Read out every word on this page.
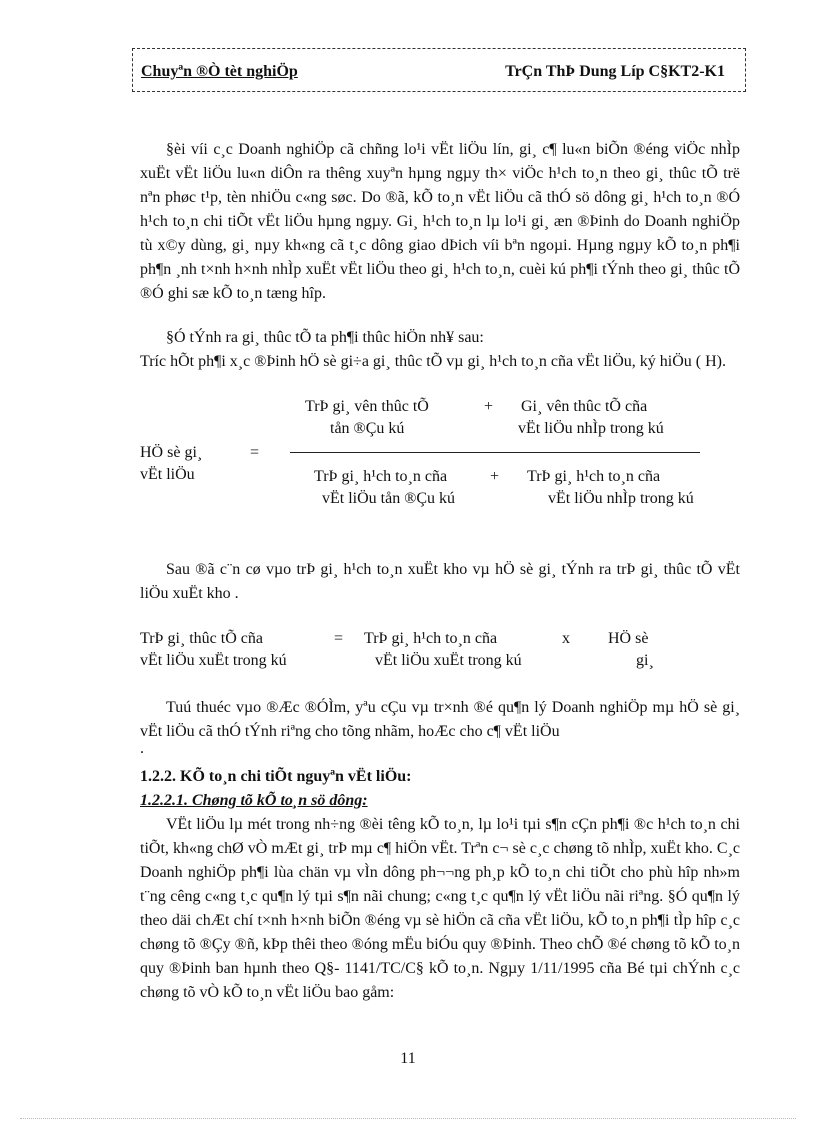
Chuyªn ®Ò tèt nghiÖp	TrÇn ThÞ Dung Líp C§KT2-K1

§èi víi c¸c Doanh nghiÖp cã chñng lo¹i vËt liÖu lín, gi¸ c¶ lu«n biÕn ®éng viÖc nhÌp xuËt vËt liÖu lu«n diÔn ra thêng xuyªn hµng ngµy th× viÖc h¹ch to¸n theo gi¸ thûc tÕ trë nªn phøc t¹p, tèn nhiÖu c«ng søc. Do ®ã, kÕ to¸n vËt liÖu cã thÓ sö dông gi¸ h¹ch to¸n ®Ó h¹ch to¸n chi tiÕt vËt liÖu hµng ngµy. Gi¸ h¹ch to¸n lµ lo¹i gi¸ æn ®Þinh do Doanh nghiÖp tù x©y dùng, gi¸ nµy kh«ng cã t¸c dông giao dÞich víi bªn ngoµi. Hµng ngµy kÕ to¸n ph¶i ph¶n ¸nh t×nh h×nh nhÌp xuËt vËt liÖu theo gi¸ h¹ch to¸n, cuèi kú ph¶i tÝnh theo gi¸ thûc tÕ ®Ó ghi sæ kÕ to¸n tæng hîp.

§Ó tÝnh ra gi¸ thûc tÕ ta ph¶i thûc hiÖn nh¥ sau:

Tríc hÕt ph¶i x¸c ®Þinh hÖ sè gi÷a gi¸ thûc tÕ vµ gi¸ h¹ch to¸n cña vËt liÖu, ký hiÖu ( H).

TrÞ gi¸ vên thûc tÕ
tån ®Çu kú
+ Gi¸ vên thûc tÕ cña
vËt liÖu nhÌp trong kú
HÖ sè gi¸
vËt liÖu
=
TrÞ gi¸ h¹ch to¸n cña
vËt liÖu tån ®Çu kú
+ TrÞ gi¸ h¹ch to¸n cña
vËt liÖu nhÌp trong kú

Sau ®ã c¨n cø vµo trÞ gi¸ h¹ch to¸n xuËt kho vµ hÖ sè gi¸ tÝnh ra trÞ gi¸ thûc tÕ vËt liÖu xuËt kho .

TrÞ gi¸ thûc tÕ cña
vËt liÖu xuËt trong kú
= TrÞ gi¸ h¹ch to¸n cña
vËt liÖu xuËt trong kú
x HÖ sè
gi¸

Tuú thuéc vµo ®Æc ®ÓÌm, yªu cÇu vµ tr×nh ®é qu¶n lý Doanh nghiÖp mµ hÖ sè gi¸ vËt liÖu cã thÓ tÝnh riªng cho tõng nhãm, hoÆc cho c¶ vËt liÖu

.
1.2.2. KÕ to¸n chi tiÕt nguyªn vËt liÖu:
1.2.2.1. Chøng tõ kÕ to¸n sö dông:

VËt liÖu lµ mét trong nh÷ng ®èi têng kÕ to¸n, lµ lo¹i tµi s¶n cÇn ph¶i ®c h¹ch to¸n chi tiÕt, kh«ng chØ vÒ mÆt gi¸ trÞ mµ c¶ hiÖn vËt. Trªn c¬ sè c¸c chøng tõ nhÌp, xuËt kho. C¸c Doanh nghiÖp ph¶i lùa chän vµ vÌn dông ph¬¬ng ph¸p kÕ to¸n chi tiÕt cho phù hîp nh»m t¨ng cêng c«ng t¸c qu¶n lý tµi s¶n nãi chung; c«ng t¸c qu¶n lý vËt liÖu nãi riªng. §Ó qu¶n lý theo däi chÆt chí t×nh h×nh biÕn ®éng vµ sè hiÖn cã cña vËt liÖu, kÕ to¸n ph¶i tÌp hîp c¸c chøng tõ ®Çy ®ñ, kÞp thêi theo ®óng mËu biÓu quy ®Þinh. Theo chÕ ®é chøng tõ kÕ to¸n quy ®Þinh ban hµnh theo Q§- 1141/TC/C§ kÕ to¸n. Ngµy 1/11/1995 cña Bé tµi chÝnh c¸c chøng tõ vÒ kÕ to¸n vËt liÖu bao gåm:

11
